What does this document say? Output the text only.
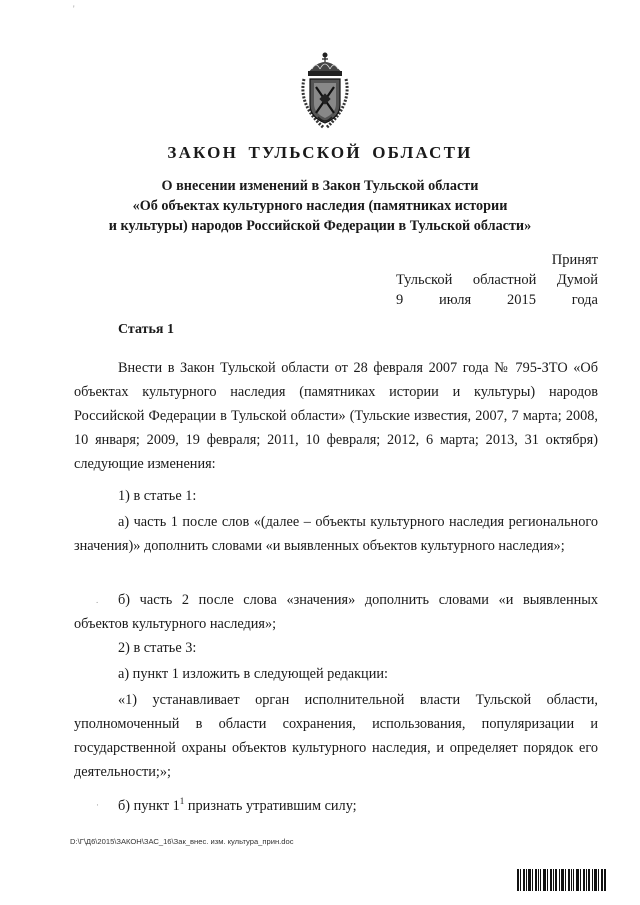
ЗАКОН ТУЛЬСКОЙ ОБЛАСТИ
О внесении изменений в Закон Тульской области
«Об объектах культурного наследия (памятниках истории
и культуры) народов Российской Федерации в Тульской области»
Принят
Тульской областной Думой
9 июля 2015 года
Статья 1
Внести в Закон Тульской области от 28 февраля 2007 года № 795-ЗТО «Об объектах культурного наследия (памятниках истории и культуры) народов Российской Федерации в Тульской области» (Тульские известия, 2007, 7 марта; 2008, 10 января; 2009, 19 февраля; 2011, 10 февраля; 2012, 6 марта; 2013, 31 октября) следующие изменения:
1) в статье 1:
а) часть 1 после слов «(далее – объекты культурного наследия регионального значения)» дополнить словами «и выявленных объектов культурного наследия»;
б) часть 2 после слова «значения» дополнить словами «и выявленных объектов культурного наследия»;
2) в статье 3:
а) пункт 1 изложить в следующей редакции:
«1) устанавливает орган исполнительной власти Тульской области, уполномоченный в области сохранения, использования, популяризации и государственной охраны объектов культурного наследия, и определяет порядок его деятельности;»;
б) пункт $1^1$ признать утратившим силу;
D:\Г\Д6\2015\ЗАКОН\ЗАС_16\Зак_внес. изм. культура_прин.doc
'
.
·
